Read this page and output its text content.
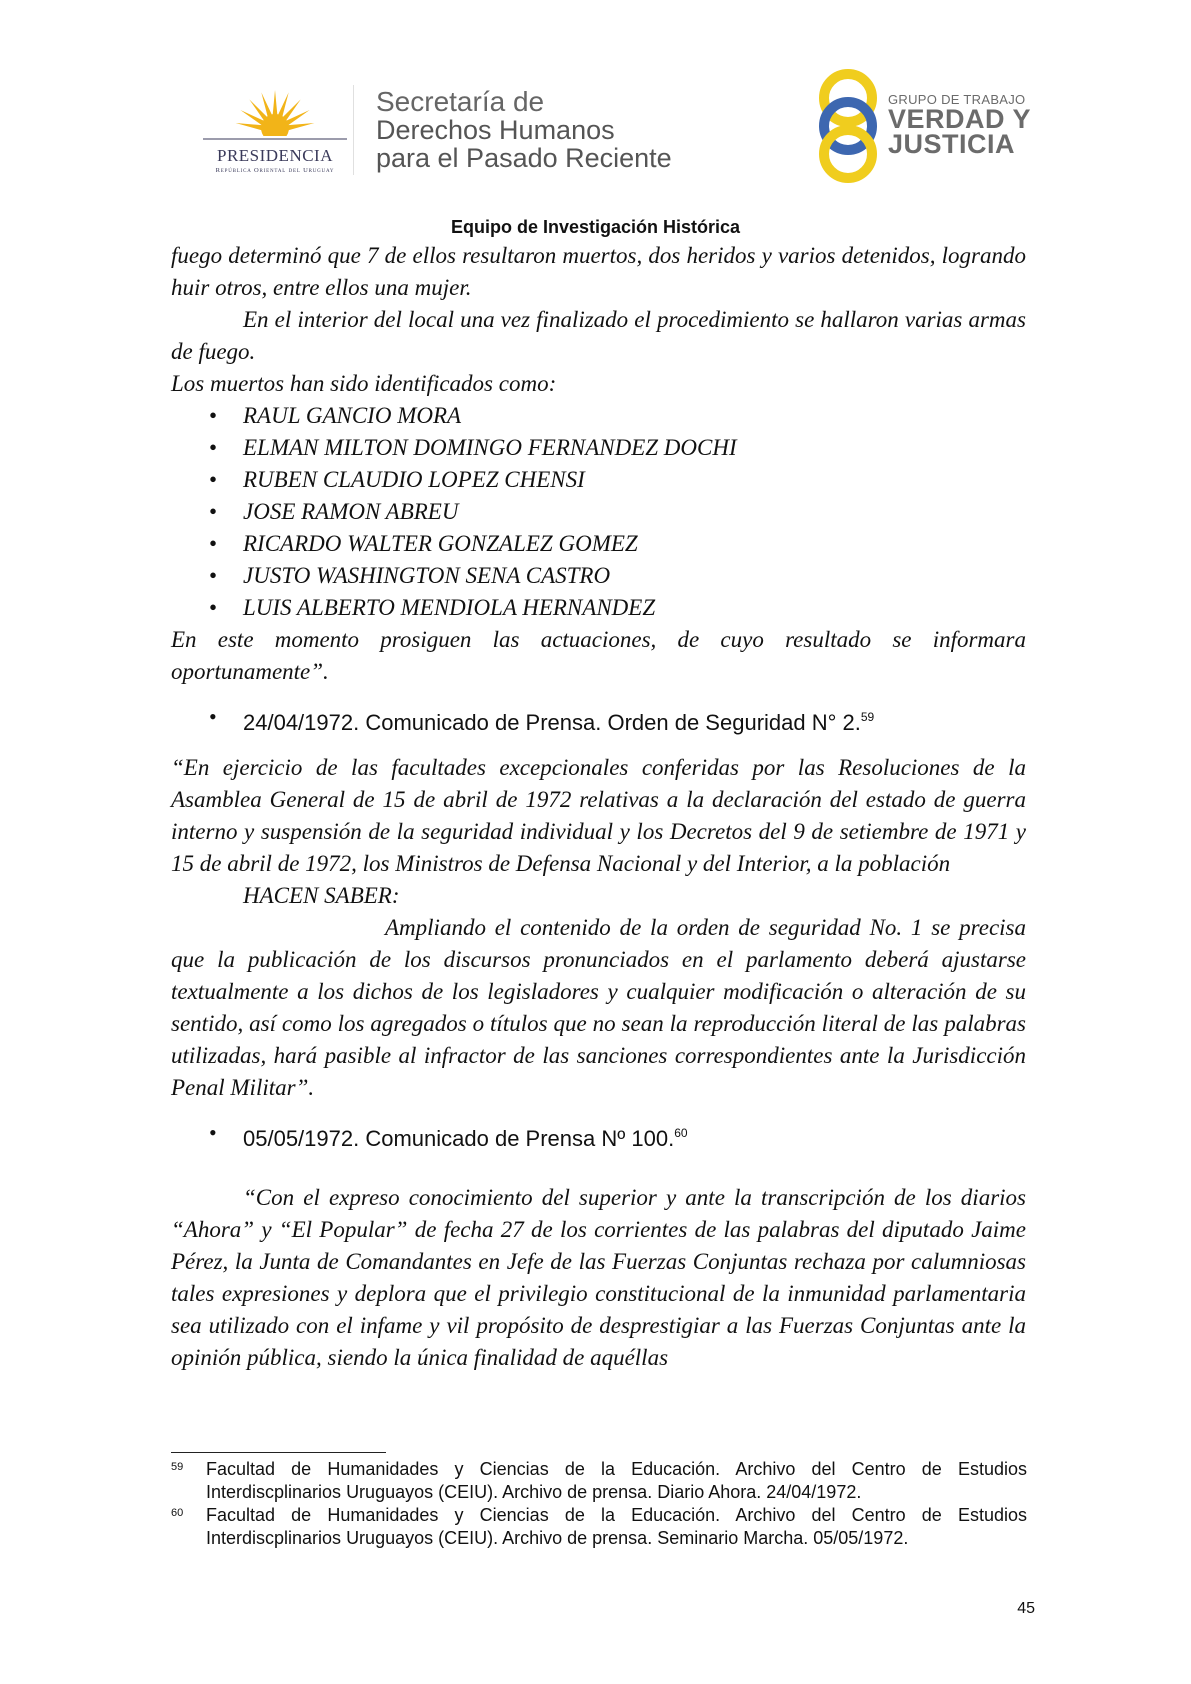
PRESIDENCIA
República Oriental del Uruguay
Secretaría de
Derechos Humanos
para el Pasado Reciente
GRUPO DE TRABAJO
VERDAD Y
JUSTICIA
Equipo de Investigación Histórica

fuego determinó que 7 de ellos resultaron muertos, dos heridos y varios detenidos, logrando huir otros, entre ellos una mujer.

En el interior del local una vez finalizado el procedimiento se hallaron varias armas de fuego.

Los muertos han sido identificados como:

• RAUL GANCIO MORA
• ELMAN MILTON DOMINGO FERNANDEZ DOCHI
• RUBEN CLAUDIO LOPEZ CHENSI
• JOSE RAMON ABREU
• RICARDO WALTER GONZALEZ GOMEZ
• JUSTO WASHINGTON SENA CASTRO
• LUIS ALBERTO MENDIOLA HERNANDEZ

En este momento prosiguen las actuaciones, de cuyo resultado se informara oportunamente”.

• 24/04/1972. Comunicado de Prensa. Orden de Seguridad N° 2.59

“En ejercicio de las facultades excepcionales conferidas por las Resoluciones de la Asamblea General de 15 de abril de 1972 relativas a la declaración del estado de guerra interno y suspensión de la seguridad individual y los Decretos del 9 de setiembre de 1971 y 15 de abril de 1972, los Ministros de Defensa Nacional y del Interior, a la población

HACEN SABER:

Ampliando el contenido de la orden de seguridad No. 1 se precisa que la publicación de los discursos pronunciados en el parlamento deberá ajustarse textualmente a los dichos de los legisladores y cualquier modificación o alteración de su sentido, así como los agregados o títulos que no sean la reproducción literal de las palabras utilizadas, hará pasible al infractor de las sanciones correspondientes ante la Jurisdicción Penal Militar”.

• 05/05/1972. Comunicado de Prensa Nº 100.60

“Con el expreso conocimiento del superior y ante la transcripción de los diarios “Ahora” y “El Popular” de fecha 27 de los corrientes de las palabras del diputado Jaime Pérez, la Junta de Comandantes en Jefe de las Fuerzas Conjuntas rechaza por calumniosas tales expresiones y deplora que el privilegio constitucional de la inmunidad parlamentaria sea utilizado con el infame y vil propósito de desprestigiar a las Fuerzas Conjuntas ante la opinión pública, siendo la única finalidad de aquéllas

59 Facultad de Humanidades y Ciencias de la Educación. Archivo del Centro de Estudios Interdiscplinarios Uruguayos (CEIU). Archivo de prensa. Diario Ahora. 24/04/1972.
60 Facultad de Humanidades y Ciencias de la Educación. Archivo del Centro de Estudios Interdiscplinarios Uruguayos (CEIU). Archivo de prensa. Seminario Marcha. 05/05/1972.
45
